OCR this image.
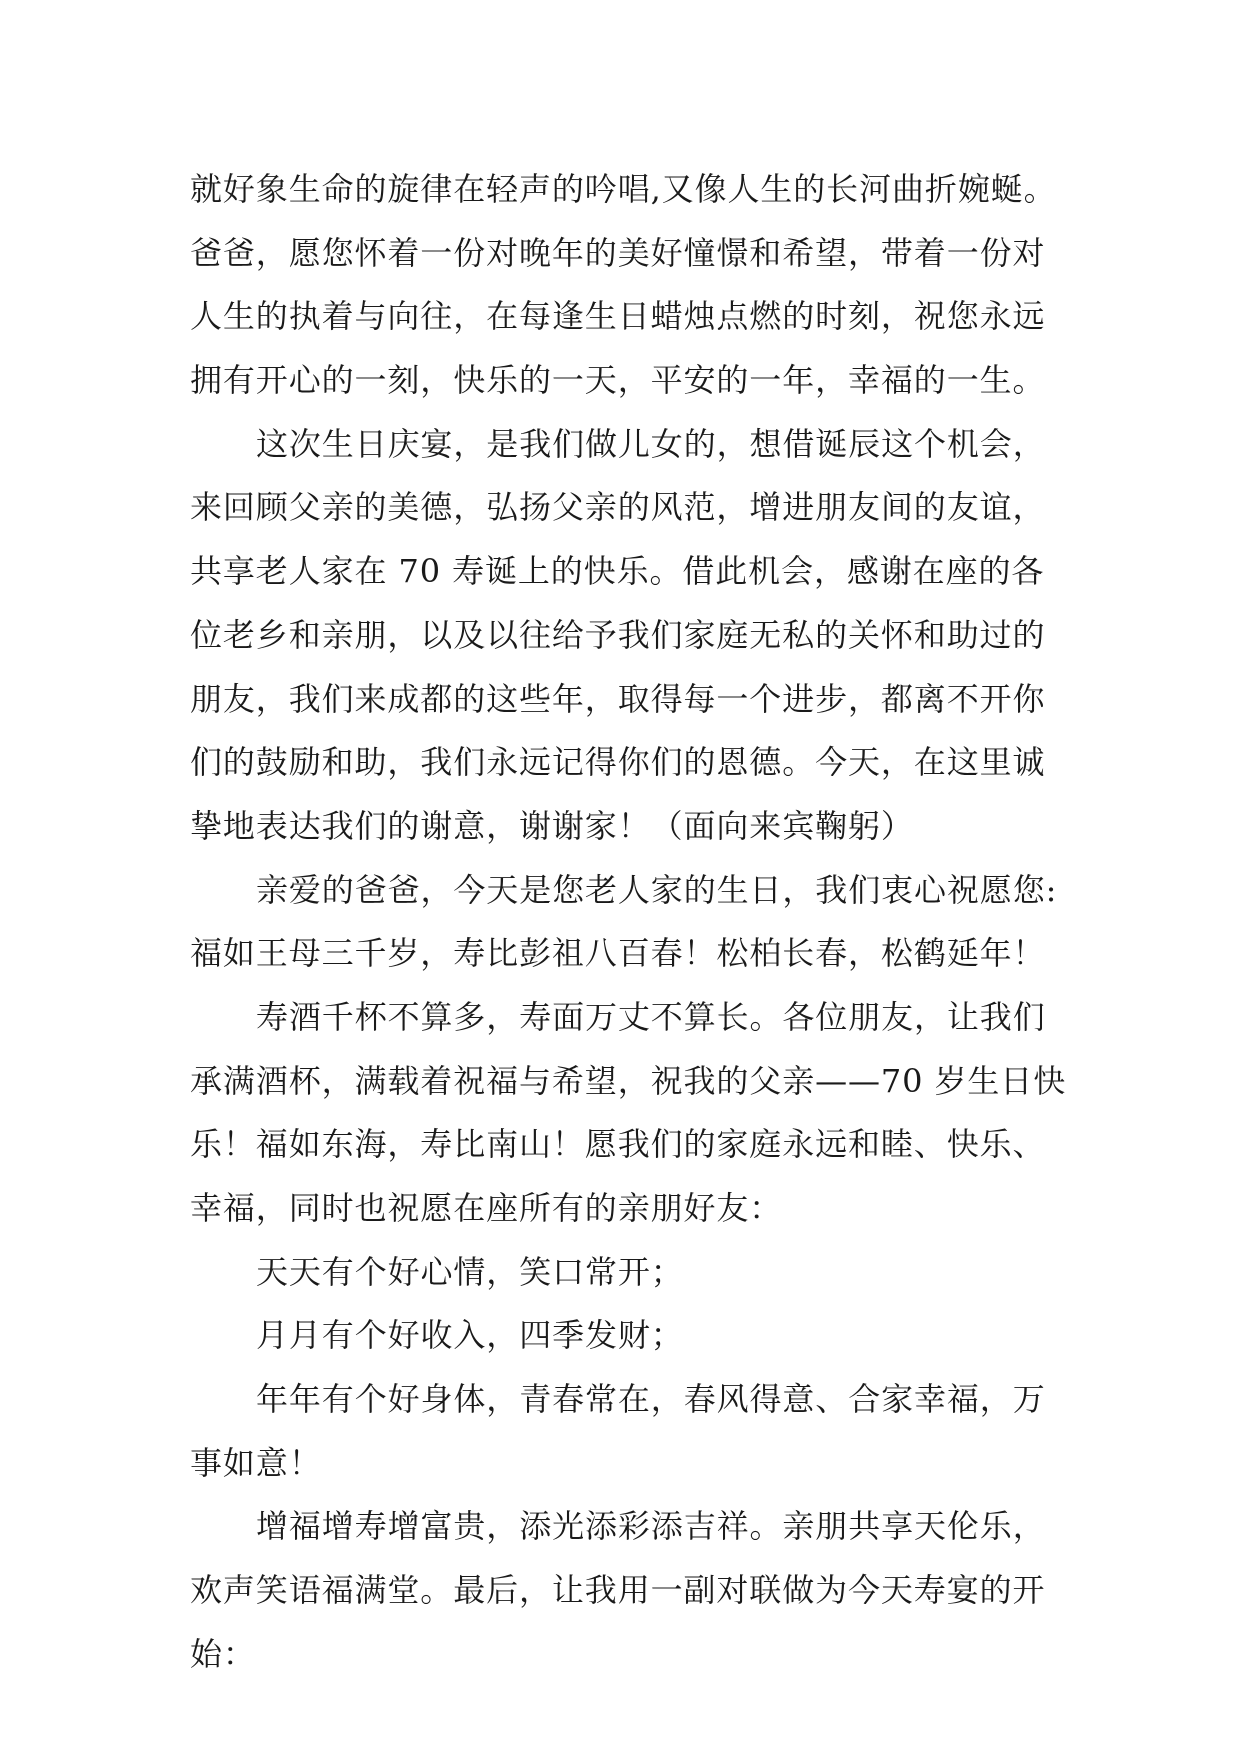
就好象生命的旋律在轻声的吟唱,又像人生的长河曲折婉蜒。
爸爸，愿您怀着一份对晚年的美好憧憬和希望，带着一份对
人生的执着与向往，在每逢生日蜡烛点燃的时刻，祝您永远
拥有开心的一刻，快乐的一天，平安的一年，幸福的一生。
这次生日庆宴，是我们做儿女的，想借诞辰这个机会，
来回顾父亲的美德，弘扬父亲的风范，增进朋友间的友谊，
共享老人家在 70 寿诞上的快乐。借此机会，感谢在座的各
位老乡和亲朋，以及以往给予我们家庭无私的关怀和助过的
朋友，我们来成都的这些年，取得每一个进步，都离不开你
们的鼓励和助，我们永远记得你们的恩德。今天，在这里诚
挚地表达我们的谢意，谢谢家！（面向来宾鞠躬）
亲爱的爸爸，今天是您老人家的生日，我们衷心祝愿您:
福如王母三千岁，寿比彭祖八百春！松柏长春，松鹤延年！
寿酒千杯不算多，寿面万丈不算长。各位朋友，让我们
承满酒杯，满载着祝福与希望，祝我的父亲——70 岁生日快
乐！福如东海，寿比南山！愿我们的家庭永远和睦、快乐、
幸福，同时也祝愿在座所有的亲朋好友：
天天有个好心情，笑口常开；
月月有个好收入，四季发财；
年年有个好身体，青春常在，春风得意、合家幸福，万
事如意！
增福增寿增富贵，添光添彩添吉祥。亲朋共享天伦乐，
欢声笑语福满堂。最后，让我用一副对联做为今天寿宴的开
始：
